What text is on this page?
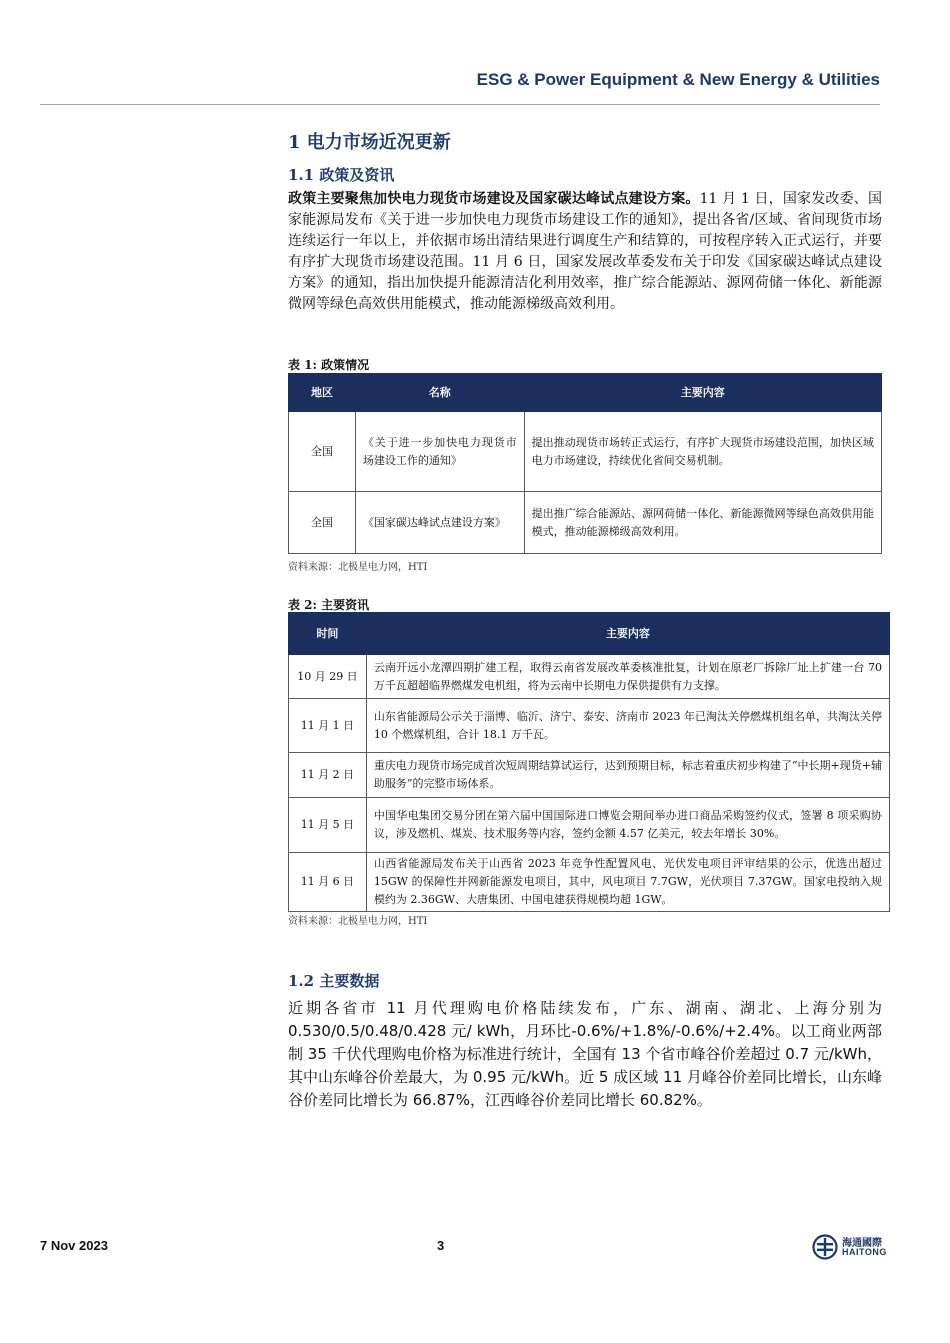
ESG & Power Equipment & New Energy & Utilities
1 电力市场近况更新
1.1 政策及资讯

政策主要聚焦加快电力现货市场建设及国家碳达峰试点建设方案。11 月 1 日，国家发改委、国家能源局发布《关于进一步加快电力现货市场建设工作的通知》，提出各省/区域、省间现货市场连续运行一年以上，并依据市场出清结果进行调度生产和结算的，可按程序转入正式运行，并要有序扩大现货市场建设范围。11 月 6 日，国家发展改革委发布关于印发《国家碳达峰试点建设方案》的通知，指出加快提升能源清洁化利用效率，推广综合能源站、源网荷储一体化、新能源微网等绿色高效供用能模式，推动能源梯级高效利用。

表 1: 政策情况
地区	名称	主要内容
全国	《关于进一步加快电力现货市场建设工作的通知》	提出推动现货市场转正式运行，有序扩大现货市场建设范围，加快区域电力市场建设，持续优化省间交易机制。
全国	《国家碳达峰试点建设方案》	提出推广综合能源站、源网荷储一体化、新能源微网等绿色高效供用能模式，推动能源梯级高效利用。
资料来源：北极星电力网，HTI
表 2: 主要资讯
时间	主要内容
10 月 29 日	云南开远小龙潭四期扩建工程，取得云南省发展改革委核准批复，计划在原老厂拆除厂址上扩建一台 70 万千瓦超超临界燃煤发电机组，将为云南中长期电力保供提供有力支撑。
11 月 1 日	山东省能源局公示关于淄博、临沂、济宁、泰安、济南市 2023 年已淘汰关停燃煤机组名单，共淘汰关停 10 个燃煤机组，合计 18.1 万千瓦。
11 月 2 日	重庆电力现货市场完成首次短周期结算试运行，达到预期目标，标志着重庆初步构建了“中长期+现货+辅助服务”的完整市场体系。
11 月 5 日	中国华电集团交易分团在第六届中国国际进口博览会期间举办进口商品采购签约仪式，签署 8 项采购协议，涉及燃机、煤炭、技术服务等内容，签约金额 4.57 亿美元，较去年增长 30%。
11 月 6 日	山西省能源局发布关于山西省 2023 年竞争性配置风电、光伏发电项目评审结果的公示，优选出超过 15GW 的保障性并网新能源发电项目，其中，风电项目 7.7GW，光伏项目 7.37GW。国家电投纳入规模约为 2.36GW、大唐集团、中国电建获得规模均超 1GW。
资料来源：北极星电力网，HTI
1.2 主要数据

近期各省市 11 月代理购电价格陆续发布，广东、湖南、湖北、上海分别为 0.530/0.5/0.48/0.428 元/ kWh，月环比-0.6%/+1.8%/-0.6%/+2.4%。以工商业两部制 35 千伏代理购电价格为标准进行统计，全国有 13 个省市峰谷价差超过 0.7 元/kWh，其中山东峰谷价差最大，为 0.95 元/kWh。近 5 成区域 11 月峰谷价差同比增长，山东峰谷价差同比增长为 66.87%，江西峰谷价差同比增长 60.82%。

7 Nov 2023	3	海通國際
HAITONG
